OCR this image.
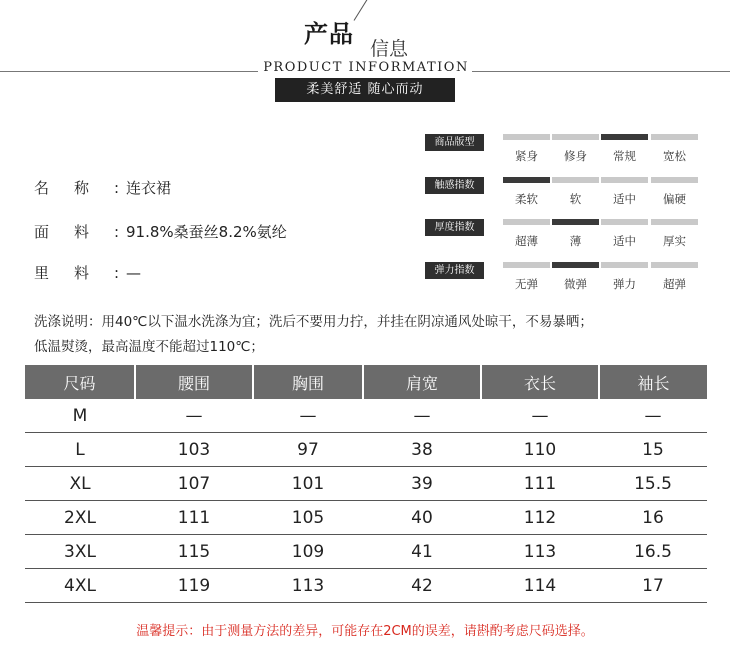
产品
信息
PRODUCT INFORMATION
柔美舒适 随心而动
名	称	: 连衣裙
面	料	: 91.8%桑蚕丝8.2%氨纶
里	料	: —
商品版型
紧身	修身	常规	宽松
触感指数
柔软	软	适中	偏硬
厚度指数
超薄	薄	适中	厚实
弹力指数
无弹	微弹	弹力	超弹
洗涤说明：用40℃以下温水洗涤为宜；洗后不要用力拧，并挂在阴凉通风处晾干，不易暴晒；
低温熨烫，最高温度不能超过110℃；
尺码	腰围	胸围	肩宽	衣长	袖长
M	—	—	—	—	—
L	103	97	38	110	15
XL	107	101	39	111	15.5
2XL	111	105	40	112	16
3XL	115	109	41	113	16.5
4XL	119	113	42	114	17
温馨提示：由于测量方法的差异，可能存在2CM的误差，请斟酌考虑尺码选择。
